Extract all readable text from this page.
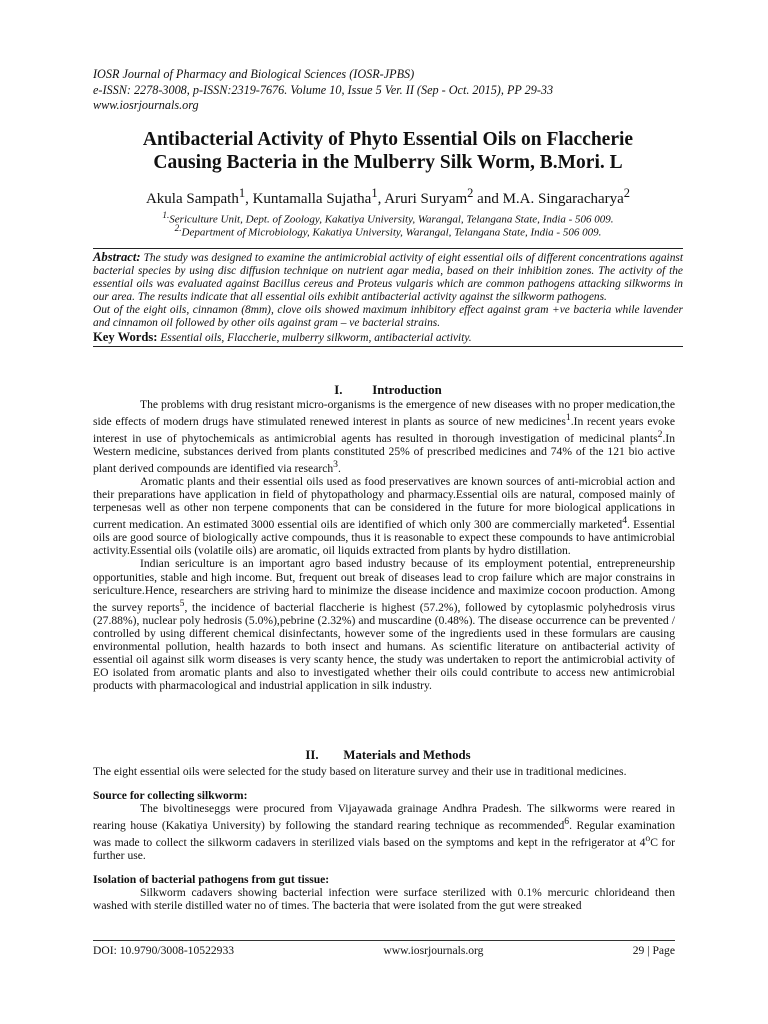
IOSR Journal of Pharmacy and Biological Sciences (IOSR-JPBS)
e-ISSN: 2278-3008, p-ISSN:2319-7676. Volume 10, Issue 5 Ver. II (Sep - Oct. 2015), PP 29-33
www.iosrjournals.org
Antibacterial Activity of Phyto Essential Oils on Flaccherie
Causing Bacteria in the Mulberry Silk Worm, B.Mori. L
Akula Sampath$^1$, Kuntamalla Sujatha$^1$, Aruri Suryam$^2$ and M.A. Singaracharya$^2$
$^{1.}$Sericulture Unit, Dept. of Zoology, Kakatiya University, Warangal, Telangana State, India - 506 009.
$^{2.}$Department of Microbiology, Kakatiya University, Warangal, Telangana State, India - 506 009.

Abstract: The study was designed to examine the antimicrobial activity of eight essential oils of different concentrations against bacterial species by using disc diffusion technique on nutrient agar media, based on their inhibition zones. The activity of the essential oils was evaluated against Bacillus cereus and Proteus vulgaris which are common pathogens attacking silkworms in our area. The results indicate that all essential oils exhibit antibacterial activity against the silkworm pathogens.

Out of the eight oils, cinnamon (8mm), clove oils showed maximum inhibitory effect against gram +ve bacteria while lavender and cinnamon oil followed by other oils against gram – ve bacterial strains.

Key Words: Essential oils, Flaccherie, mulberry silkworm, antibacterial activity.

I. Introduction

The problems with drug resistant micro-organisms is the emergence of new diseases with no proper medication,the side effects of modern drugs have stimulated renewed interest in plants as source of new medicines$^1$.In recent years evoke interest in use of phytochemicals as antimicrobial agents has resulted in thorough investigation of medicinal plants$^2$.In Western medicine, substances derived from plants constituted 25% of prescribed medicines and 74% of the 121 bio active plant derived compounds are identified via research$^3$.

Aromatic plants and their essential oils used as food preservatives are known sources of anti-microbial action and their preparations have application in field of phytopathology and pharmacy.Essential oils are natural, composed mainly of terpenesas well as other non terpene components that can be considered in the future for more biological applications in current medication. An estimated 3000 essential oils are identified of which only 300 are commercially marketed$^4$. Essential oils are good source of biologically active compounds, thus it is reasonable to expect these compounds to have antimicrobial activity.Essential oils (volatile oils) are aromatic, oil liquids extracted from plants by hydro distillation.

Indian sericulture is an important agro based industry because of its employment potential, entrepreneurship opportunities, stable and high income. But, frequent out break of diseases lead to crop failure which are major constrains in sericulture.Hence, researchers are striving hard to minimize the disease incidence and maximize cocoon production. Among the survey reports$^5$, the incidence of bacterial flaccherie is highest (57.2%), followed by cytoplasmic polyhedrosis virus (27.88%), nuclear poly hedrosis (5.0%),pebrine (2.32%) and muscardine (0.48%). The disease occurrence can be prevented / controlled by using different chemical disinfectants, however some of the ingredients used in these formulars are causing environmental pollution, health hazards to both insect and humans. As scientific literature on antibacterial activity of essential oil against silk worm diseases is very scanty hence, the study was undertaken to report the antimicrobial activity of EO isolated from aromatic plants and also to investigated whether their oils could contribute to access new antimicrobial products with pharmacological and industrial application in silk industry.

II. Materials and Methods

The eight essential oils were selected for the study based on literature survey and their use in traditional medicines.

Source for collecting silkworm:

The bivoltineseggs were procured from Vijayawada grainage Andhra Pradesh. The silkworms were reared in rearing house (Kakatiya University) by following the standard rearing technique as recommended$^6$. Regular examination was made to collect the silkworm cadavers in sterilized vials based on the symptoms and kept in the refrigerator at 4$^o$C for further use.

Isolation of bacterial pathogens from gut tissue:

Silkworm cadavers showing bacterial infection were surface sterilized with 0.1% mercuric chlorideand then washed with sterile distilled water no of times. The bacteria that were isolated from the gut were streaked

DOI: 10.9790/3008-10522933	www.iosrjournals.org	29 | Page
